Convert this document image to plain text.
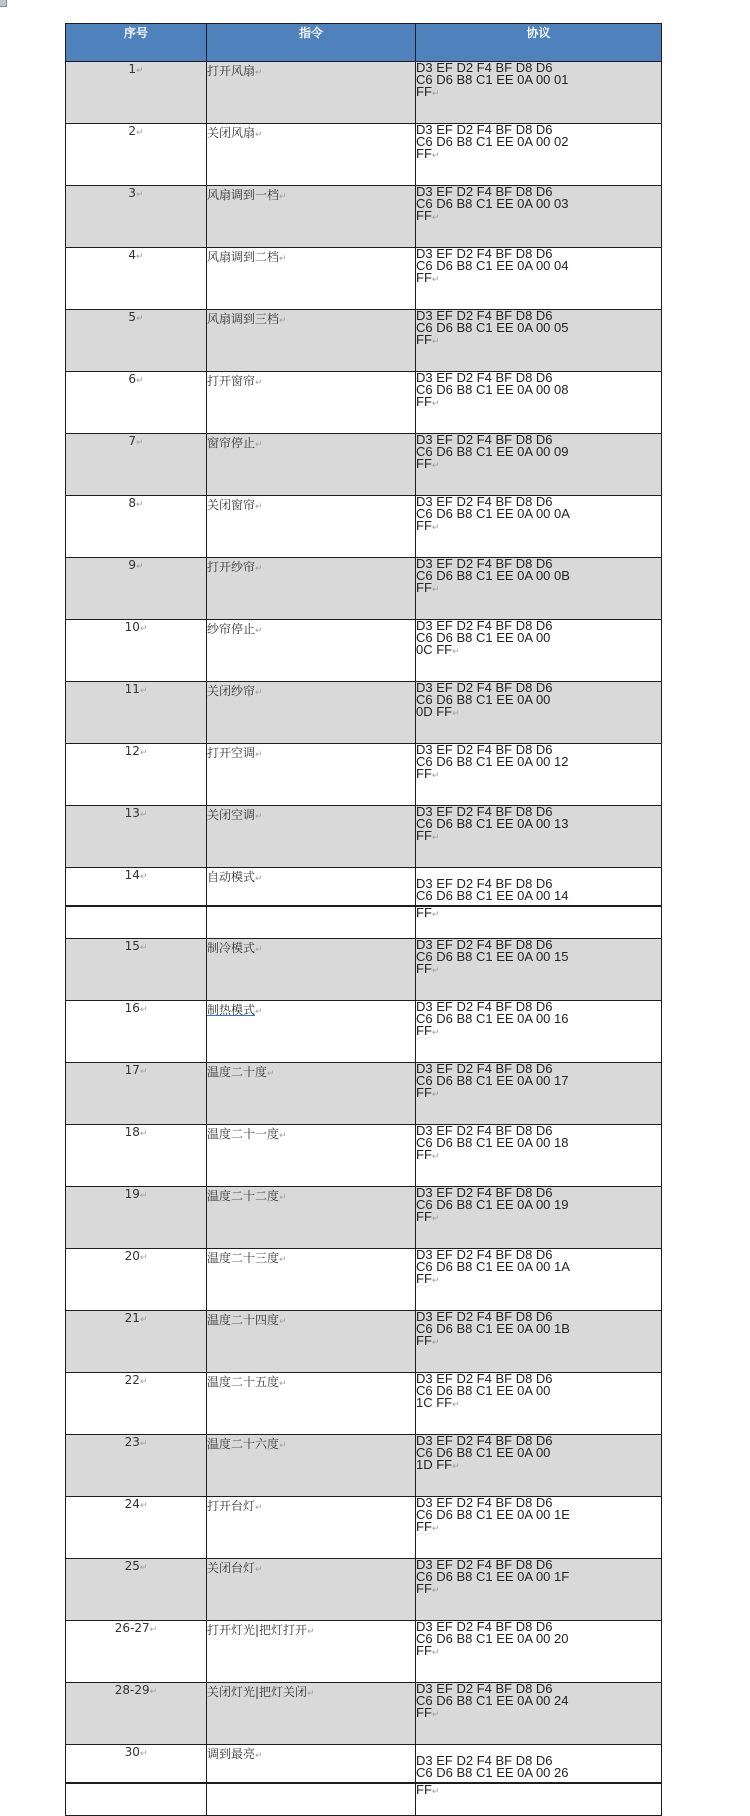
序号	指令	协议
1↵	打开风扇↵	D3 EF D2 F4 BF D8 D6
C6 D6 B8 C1 EE 0A 00 01
FF↵
2↵	关闭风扇↵	D3 EF D2 F4 BF D8 D6
C6 D6 B8 C1 EE 0A 00 02
FF↵
3↵	风扇调到一档↵	D3 EF D2 F4 BF D8 D6
C6 D6 B8 C1 EE 0A 00 03
FF↵
4↵	风扇调到二档↵	D3 EF D2 F4 BF D8 D6
C6 D6 B8 C1 EE 0A 00 04
FF↵
5↵	风扇调到三档↵	D3 EF D2 F4 BF D8 D6
C6 D6 B8 C1 EE 0A 00 05
FF↵
6↵	打开窗帘↵	D3 EF D2 F4 BF D8 D6
C6 D6 B8 C1 EE 0A 00 08
FF↵
7↵	窗帘停止↵	D3 EF D2 F4 BF D8 D6
C6 D6 B8 C1 EE 0A 00 09
FF↵
8↵	关闭窗帘↵	D3 EF D2 F4 BF D8 D6
C6 D6 B8 C1 EE 0A 00 0A
FF↵
9↵	打开纱帘↵	D3 EF D2 F4 BF D8 D6
C6 D6 B8 C1 EE 0A 00 0B
FF↵
10↵	纱帘停止↵	D3 EF D2 F4 BF D8 D6
C6 D6 B8 C1 EE 0A 00
0C FF↵
11↵	关闭纱帘↵	D3 EF D2 F4 BF D8 D6
C6 D6 B8 C1 EE 0A 00
0D FF↵
12↵	打开空调↵	D3 EF D2 F4 BF D8 D6
C6 D6 B8 C1 EE 0A 00 12
FF↵
13↵	关闭空调↵	D3 EF D2 F4 BF D8 D6
C6 D6 B8 C1 EE 0A 00 13
FF↵
14↵	自动模式↵	D3 EF D2 F4 BF D8 D6
C6 D6 B8 C1 EE 0A 00 14
		FF↵
15↵	制冷模式↵	D3 EF D2 F4 BF D8 D6
C6 D6 B8 C1 EE 0A 00 15
FF↵
16↵	制热模式↵	D3 EF D2 F4 BF D8 D6
C6 D6 B8 C1 EE 0A 00 16
FF↵
17↵	温度二十度↵	D3 EF D2 F4 BF D8 D6
C6 D6 B8 C1 EE 0A 00 17
FF↵
18↵	温度二十一度↵	D3 EF D2 F4 BF D8 D6
C6 D6 B8 C1 EE 0A 00 18
FF↵
19↵	温度二十二度↵	D3 EF D2 F4 BF D8 D6
C6 D6 B8 C1 EE 0A 00 19
FF↵
20↵	温度二十三度↵	D3 EF D2 F4 BF D8 D6
C6 D6 B8 C1 EE 0A 00 1A
FF↵
21↵	温度二十四度↵	D3 EF D2 F4 BF D8 D6
C6 D6 B8 C1 EE 0A 00 1B
FF↵
22↵	温度二十五度↵	D3 EF D2 F4 BF D8 D6
C6 D6 B8 C1 EE 0A 00
1C FF↵
23↵	温度二十六度↵	D3 EF D2 F4 BF D8 D6
C6 D6 B8 C1 EE 0A 00
1D FF↵
24↵	打开台灯↵	D3 EF D2 F4 BF D8 D6
C6 D6 B8 C1 EE 0A 00 1E
FF↵
25↵	关闭台灯↵	D3 EF D2 F4 BF D8 D6
C6 D6 B8 C1 EE 0A 00 1F
FF↵
26-27↵	打开灯光|把灯打开↵	D3 EF D2 F4 BF D8 D6
C6 D6 B8 C1 EE 0A 00 20
FF↵
28-29↵	关闭灯光|把灯关闭↵	D3 EF D2 F4 BF D8 D6
C6 D6 B8 C1 EE 0A 00 24
FF↵
30↵	调到最亮↵	D3 EF D2 F4 BF D8 D6
C6 D6 B8 C1 EE 0A 00 26
		FF↵
